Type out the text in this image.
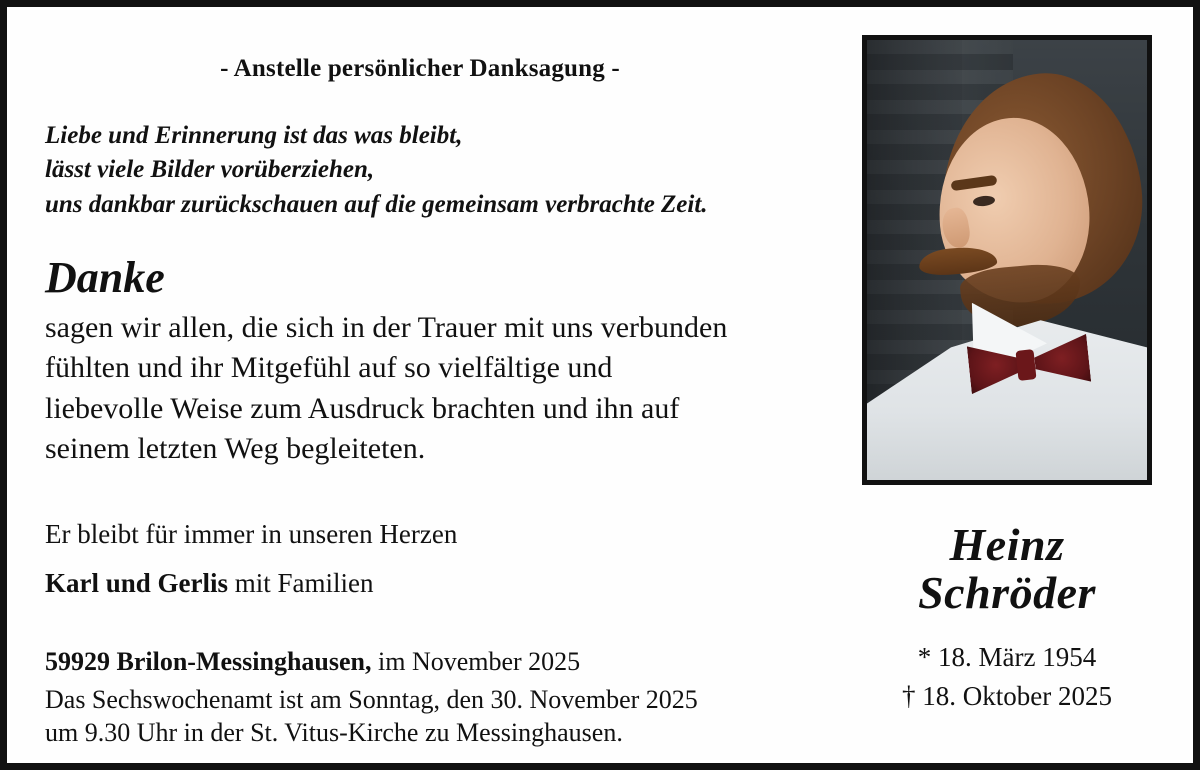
- Anstelle persönlicher Danksagung -
Liebe und Erinnerung ist das was bleibt,
lässt viele Bilder vorüberziehen,
uns dankbar zurückschauen auf die gemeinsam verbrachte Zeit.
Danke
sagen wir allen, die sich in der Trauer mit uns verbunden
fühlten und ihr Mitgefühl auf so vielfältige und
liebevolle Weise zum Ausdruck brachten und ihn auf
seinem letzten Weg begleiteten.
Er bleibt für immer in unseren Herzen
Karl und Gerlis mit Familien
59929 Brilon-Messinghausen, im November 2025
Das Sechswochenamt ist am Sonntag, den 30. November 2025
um 9.30 Uhr in der St. Vitus-Kirche zu Messinghausen.
Heinz
Schröder
* 18. März 1954
† 18. Oktober 2025
